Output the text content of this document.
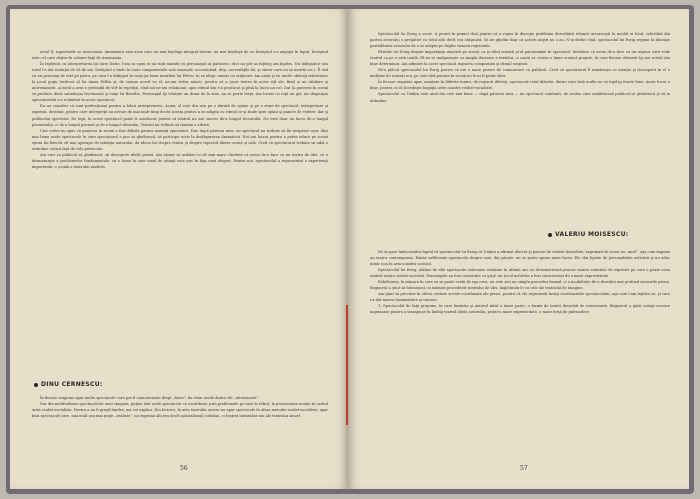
actul II, raporturile se inversează. Amnuziata este acea care nu mai înţelege integral sistem, nu mai înţelege de ce Învăţatul s-a angajat în luptă, Învăţatul este cel care obţine în valoare faţă de Amnuziata.

În legătură cu interpretarea lui Iurie Darie, l-am să spun ei nu sunt amintit cu personajul să părăsesc, deci nu pot sa înţeleg am înţeles. Nu înfăţişător sau torul l-a dat evoluţia de 26 de ani. Învăţatul e tinde în toate componentele sale senzuale, accentuând, deşi, necesităţile lui, şi sincer care nu se merită etc.). Îl văd ca un personaj de text pe patru, pe care l-a înfăţişat în viaţa pe baza ierarhiei lui Pietro, în să alegi, uneori cu vrăjitorii. Am auzit şi eu multe obiecţii referitoare la jocul puţin încârcat al lui Amza Pellea şi, de comun acord cu el, ne-am redus numic, pentru că a jucat teatru în acest stil ele, fiind şi un răbdare şi antrenament. Actorul a avut o perioadă de vîrf în repetiţii, cînd noi ne-am relaţionat, apoi ritmul său s-a producat şi pînă la lucru un cot. Dar la punerea în scenă se produce decit satisfacţia fructuoasă şi viaţa lui Brezilia. Personajul îşi trăieşte un drum de la sine, nu se poate forţa. Am lucrat cu toţii un gol, iar dispoziţia spectatorului s-a schimbat în acest spectacol.

Eu nu consider că sunt perfecţionat pentru a folosi interpretarea. Acum, el este din nou pe o durată de opinie şi pe o stare de spectacol, interpretare şi expresii, destinat, pentru care interpreţii au nevoie de mai mult timp decât acesta pentru a se adapta cu ritmul ce-şi tinde spre opinii şi puncte de vedere, dar şi publicului spectator. De fapt, în acest spectacol poate fi ameliorat pentru că teatrul nu are succes de-a lungul trecutului. Nu este doar un lucru de-a lungul prezentului, ci de-a lungul prezent şi de-a lungul viitorului. Teatrul nu trebuie să rămînă o arhivă.

Unii critici au spus că punerea în scenă a fost dificilă pentru anumiţi spectatori. Dar, după părerea mea, un spectacol nu trebuie să fie neapărat uşor. Sînt mai bune acele spectacole în care spectatorul e pus să gîndească, să participe activ la desfăşurarea dramatică. Noi am lucrat pentru a putea aduce pe scenă opera lui Brecht cît mai aproape de intenţia autorului, de ideea lui despre teatru şi despre raportul dintre scenă şi sală. Cred că spectatorul trebuie să aibă o atitudine critică faţă de cele petrecute.

Am vrut ca publicul să gîndească, să descopere ideile piesei. Am căutat să arătăm cu cît mai mare claritate că avem de-a face cu un teatru de idei, cu o dramaturgie a problemelor fundamentale, cu o lume în care omul de ştiinţă este pus în faţa unei alegeri. Pentru noi, spectacolul a reprezentat o experienţă importantă, o şcoală a teatrului modern.

DINU CERNESCU:

În fiecare stagiune apar multe spectacole care pot fi caracterizate drept „bune”, ba chiar unele dintre ele „interesante”.

Dar din multitudinea spectacolelor unei stagiuni, puţine sînt acele spectacole ce contribuie, prin problemele pe care le ridică, la promovarea noului în cadrul artei realist-socialiste. Pentru a nu fi greşit înţeles, mă voi explica. Din fericire, în arta teatrului nostru nu apar spectacole în afara metodei realist-socialiste; apar însă spectacole care, mai mult sau mai puţin „realiste”, nu exprimă altceva decît naturalismul cotidian, ci teatrul naturalist sau ale teatrului amorf.

56

Spectacolul lui Esrig a socat. A pornit în primul rînd pentru că a repus în discuţie problema dezvoltării tehnicii actoriceşti la modul ei total, solicitînd din partea actorului o pregătire cu totul altă decît cea obişnuită. Să ne gîndim doar că actorii noştri nu o au. N-ai dedus cînd, spectacolul lui Esrig repune în discuţie posibilitatea actorului de a se adapta pe deplin viziunii regizorale.

Părerile lui Esrig despre importanţa mişcării pe scenă, ca şi rolul muzicii şi al pantomimei în spectacol, dovedesc că avem de-a face cu un regizor care vede teatrul ca pe o artă totală. El nu se mulţumeşte cu simpla ilustrare a textului, ci caută să creeze o lume scenică proprie, în care fiecare element îşi are rostul său bine determinat. Am admirat la acest spectacol rigoarea compoziţiei şi ritmul susţinut.

Mi-a plăcut spectacolul lui Esrig pentru că are o mare putere de comunicare cu publicul. Cred că spectatorul îl urmăreşte cu atenţie şi descoperă în el o mulţime de sensuri noi, pe care altă punere în scenă nu le-ar fi putut oferi.

În fiecare stagiune apar, montate în diferite teatre, de regizori diferiţi, spectacole total diferite, dintre care însă multe nu se înţeleg foarte bine. Acest lucru e bine, pentru că el dovedeşte bogăţia artei noastre realist-socialiste.

Spectacolul cu Umbra este unul din cele mai bune — după părerea mea — un spectacol combativ, de acelea care mobilizează publicul să gîndească şi să ia atitudine.

VALERIU MOISESCU:

Mi se pare îmbucurător faptul că spectacolul lui Esrig cu Umbra a afirmat discret şi puncte de vedere deosebite, exprimate în acest an „unul”, aşa cum impune un teatru contemporan. Există sufficiente spectacole despre care, din păcate, nu se poate spune mare lucru. Ele sînt lipsite de personalitate artistică şi nu aduc nimic nou în arta noastră scenică.

Spectacolul lui Esrig, alături de alte spectacole valoroase realizate în ultimii ani, ne demonstrează practic marea varietate de expresie pe care o poate avea teatrul nostru realist-socialist. Personajele au fost construite cu grijă, iar jocul actorilor a fost caracterizat de o mare expresivitate.

Rebeliunea, în măsura în care ea se poate vorbi de aşa ceva, nu este aici un simplu procedeu formal, ci o modalitate de a dezvălui mai profund sensurile piesei. Regizorul a ştiut să folosească cu măsură procedeele teatrului de idei, împletindu-le cu cele ale teatrului de imagine.

Am ţinut să precizez în cîteva cuvinte aceste coordonate ale piesei, pentru că ele reprezintă însăşi coordonatele spectacolului, aşa cum l-am înţeles eu, şi care i-a dat marea însemnătate şi valoare.

1. Spectacolul de faţă propune, în care fantezia şi umorul intră o mare parte, o formă de teatru deosebit de interesantă. Regizorul a găsit soluţii scenice ingenioase pentru a transpune în limbaj teatral ideile autorului, printr-o mare expresivitate, o mare forţă de pătrundere.

57
